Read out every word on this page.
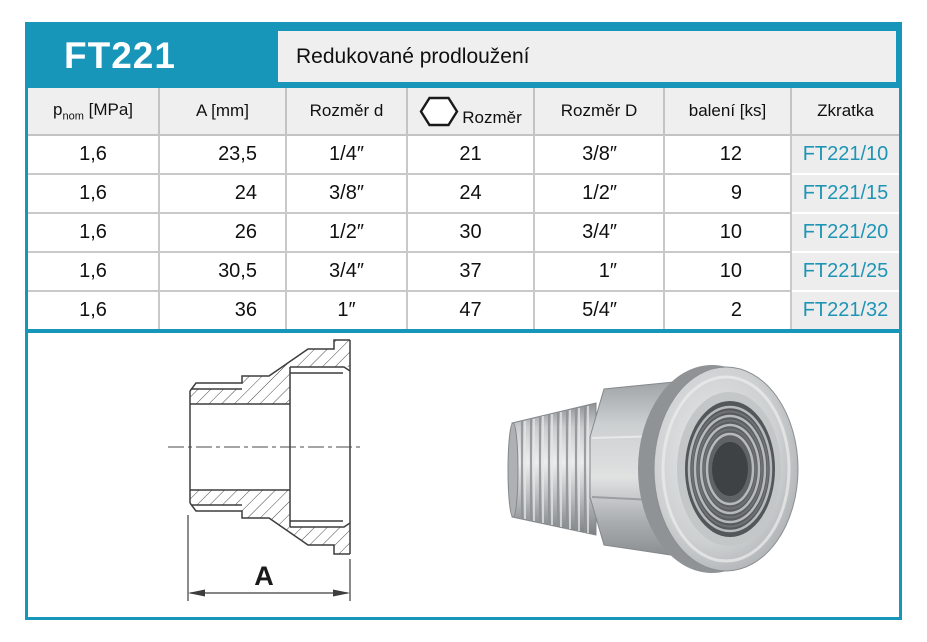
FT221	Redukované prodloužení
$p_{nom}$ [MPa]	A [mm]	Rozměr d	Rozměr	Rozměr D	balení [ks]	Zkratka
1,6	23,5	1/4″	21	3/8″	12	FT221/10
1,6	24	3/8″	24	1/2″	9	FT221/15
1,6	26	1/2″	30	3/4″	10	FT221/20
1,6	30,5	3/4″	37	1″	10	FT221/25
1,6	36	1″	47	5/4″	2	FT221/32
A
